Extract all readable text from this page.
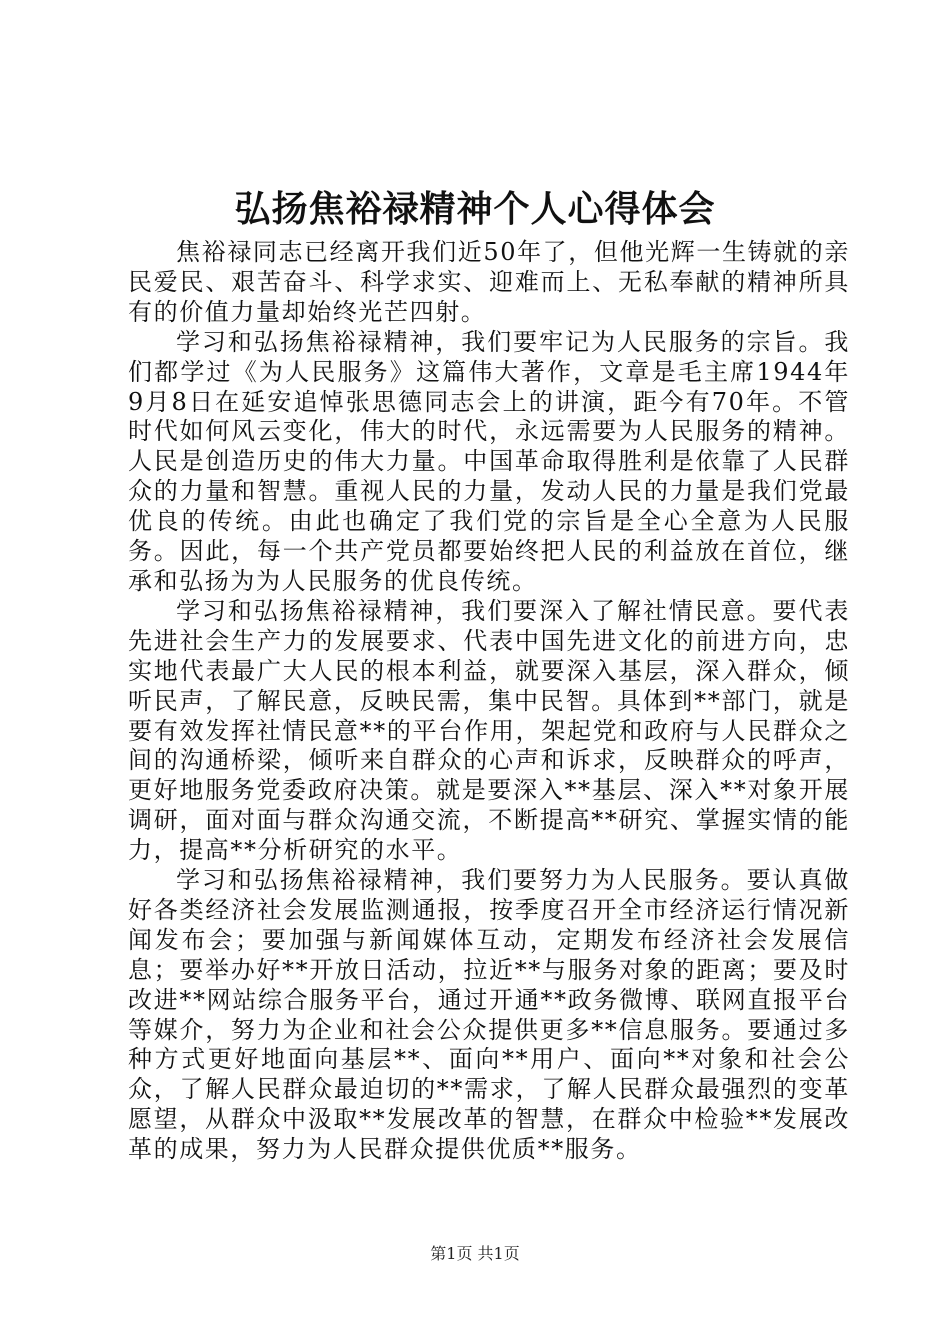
弘扬焦裕禄精神个人心得体会

焦裕禄同志已经离开我们近50年了，但他光辉一生铸就的亲民爱民、艰苦奋斗、科学求实、迎难而上、无私奉献的精神所具有的价值力量却始终光芒四射。

学习和弘扬焦裕禄精神，我们要牢记为人民服务的宗旨。我们都学过《为人民服务》这篇伟大著作，文章是毛主席1944年9月8日在延安追悼张思德同志会上的讲演，距今有70年。不管时代如何风云变化，伟大的时代，永远需要为人民服务的精神。人民是创造历史的伟大力量。中国革命取得胜利是依靠了人民群众的力量和智慧。重视人民的力量，发动人民的力量是我们党最优良的传统。由此也确定了我们党的宗旨是全心全意为人民服务。因此，每一个共产党员都要始终把人民的利益放在首位，继承和弘扬为为人民服务的优良传统。

学习和弘扬焦裕禄精神，我们要深入了解社情民意。要代表先进社会生产力的发展要求、代表中国先进文化的前进方向，忠实地代表最广大人民的根本利益，就要深入基层，深入群众，倾听民声，了解民意，反映民需，集中民智。具体到**部门，就是要有效发挥社情民意**的平台作用，架起党和政府与人民群众之间的沟通桥梁，倾听来自群众的心声和诉求，反映群众的呼声，更好地服务党委政府决策。就是要深入**基层、深入**对象开展调研，面对面与群众沟通交流，不断提高**研究、掌握实情的能力，提高**分析研究的水平。

学习和弘扬焦裕禄精神，我们要努力为人民服务。要认真做好各类经济社会发展监测通报，按季度召开全市经济运行情况新闻发布会；要加强与新闻媒体互动，定期发布经济社会发展信息；要举办好**开放日活动，拉近**与服务对象的距离；要及时改进**网站综合服务平台，通过开通**政务微博、联网直报平台等媒介，努力为企业和社会公众提供更多**信息服务。要通过多种方式更好地面向基层**、面向**用户、面向**对象和社会公众，了解人民群众最迫切的**需求，了解人民群众最强烈的变革愿望，从群众中汲取**发展改革的智慧，在群众中检验**发展改革的成果，努力为人民群众提供优质**服务。

第1页 共1页
